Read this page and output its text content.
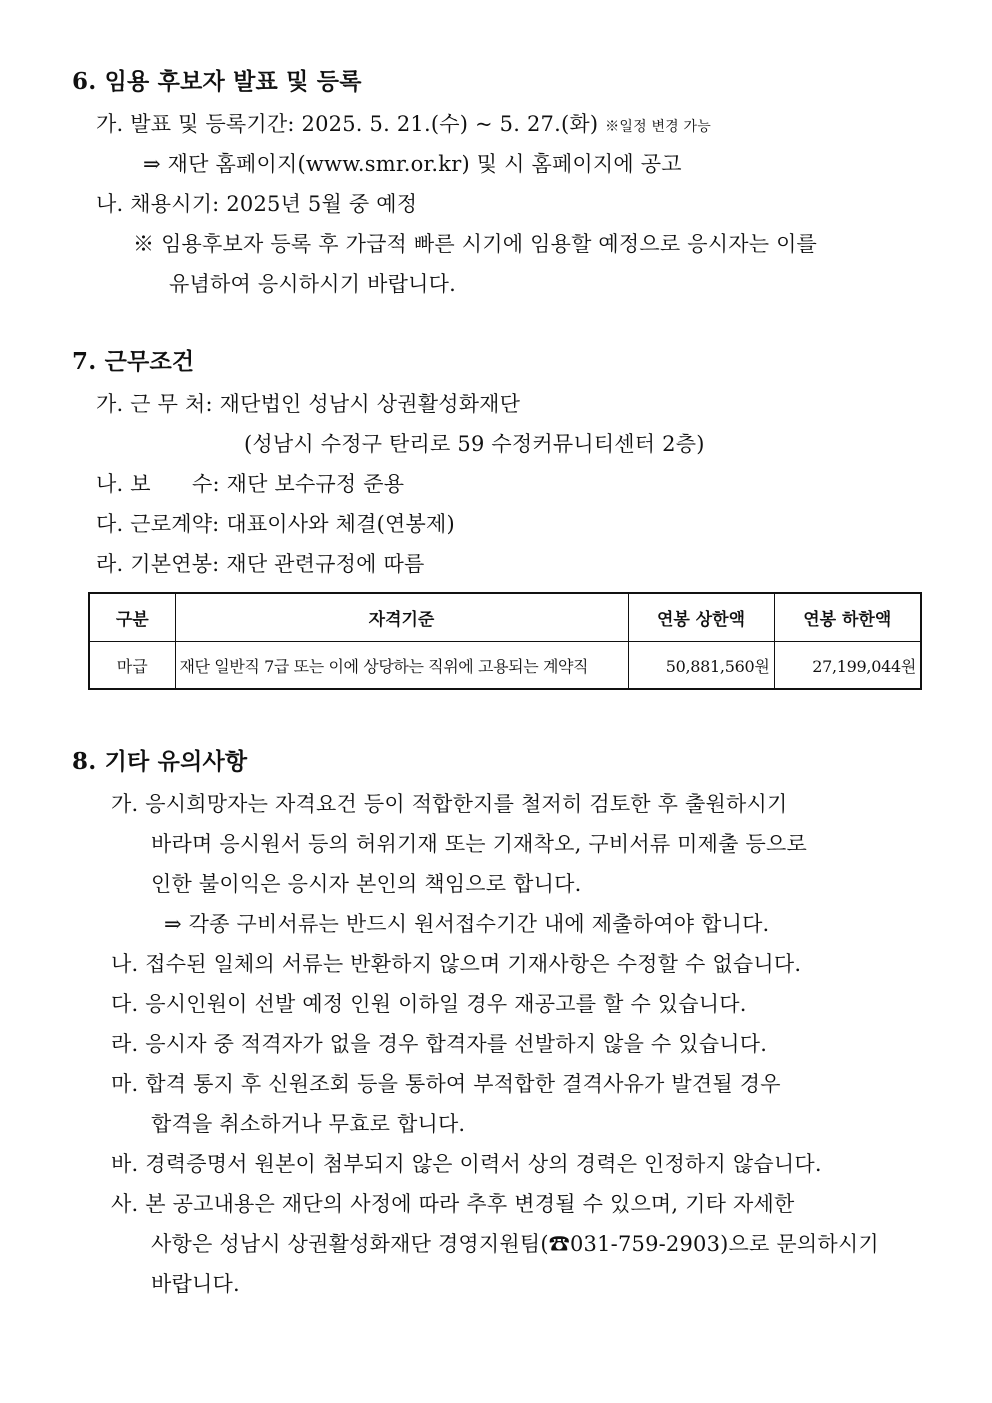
6. 임용 후보자 발표 및 등록
가. 발표 및 등록기간: 2025. 5. 21.(수) ~ 5. 27.(화) ※일정 변경 가능
⇒ 재단 홈페이지(www.smr.or.kr) 및 시 홈페이지에 공고
나. 채용시기: 2025년 5월 중 예정
※ 임용후보자 등록 후 가급적 빠른 시기에 임용할 예정으로 응시자는 이를
유념하여 응시하시기 바랍니다.
7. 근무조건
가. 근 무 처: 재단법인 성남시 상권활성화재단
(성남시 수정구 탄리로 59 수정커뮤니티센터 2층)
나. 보      수: 재단 보수규정 준용
다. 근로계약: 대표이사와 체결(연봉제)
라. 기본연봉: 재단 관련규정에 따름
구분	자격기준	연봉 상한액	연봉 하한액
마급	재단 일반직 7급 또는 이에 상당하는 직위에 고용되는 계약직	50,881,560원	27,199,044원
8. 기타 유의사항
가. 응시희망자는 자격요건 등이 적합한지를 철저히 검토한 후 출원하시기
바라며 응시원서 등의 허위기재 또는 기재착오, 구비서류 미제출 등으로
인한 불이익은 응시자 본인의 책임으로 합니다.
⇒ 각종 구비서류는 반드시 원서접수기간 내에 제출하여야 합니다.
나. 접수된 일체의 서류는 반환하지 않으며 기재사항은 수정할 수 없습니다.
다. 응시인원이 선발 예정 인원 이하일 경우 재공고를 할 수 있습니다.
라. 응시자 중 적격자가 없을 경우 합격자를 선발하지 않을 수 있습니다.
마. 합격 통지 후 신원조회 등을 통하여 부적합한 결격사유가 발견될 경우
합격을 취소하거나 무효로 합니다.
바. 경력증명서 원본이 첨부되지 않은 이력서 상의 경력은 인정하지 않습니다.
사. 본 공고내용은 재단의 사정에 따라 추후 변경될 수 있으며, 기타 자세한
사항은 성남시 상권활성화재단 경영지원팀(☎031-759-2903)으로 문의하시기
바랍니다.
